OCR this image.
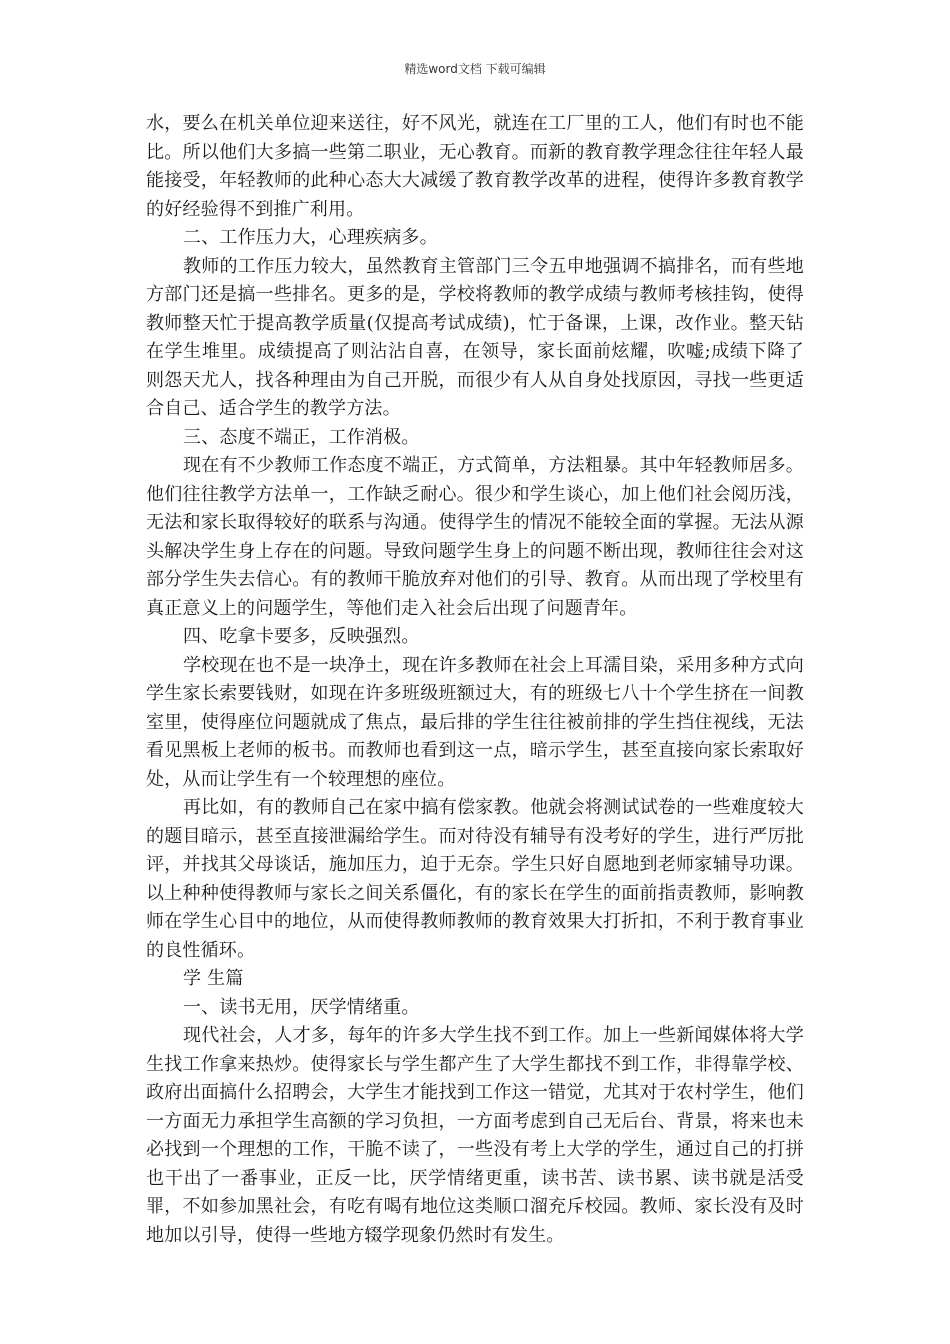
精选word文档 下载可编辑

水，要么在机关单位迎来送往，好不风光，就连在工厂里的工人，他们有时也不能比。所以他们大多搞一些第二职业，无心教育。而新的教育教学理念往往年轻人最能接受，年轻教师的此种心态大大减缓了教育教学改革的进程，使得许多教育教学的好经验得不到推广利用。

二、工作压力大，心理疾病多。

教师的工作压力较大，虽然教育主管部门三令五申地强调不搞排名，而有些地方部门还是搞一些排名。更多的是，学校将教师的教学成绩与教师考核挂钩，使得教师整天忙于提高教学质量(仅提高考试成绩)，忙于备课，上课，改作业。整天钻在学生堆里。成绩提高了则沾沾自喜，在领导，家长面前炫耀，吹嘘;成绩下降了则怨天尤人，找各种理由为自己开脱，而很少有人从自身处找原因，寻找一些更适合自己、适合学生的教学方法。

三、态度不端正，工作消极。

现在有不少教师工作态度不端正，方式简单，方法粗暴。其中年轻教师居多。他们往往教学方法单一，工作缺乏耐心。很少和学生谈心，加上他们社会阅历浅，无法和家长取得较好的联系与沟通。使得学生的情况不能较全面的掌握。无法从源头解决学生身上存在的问题。导致问题学生身上的问题不断出现，教师往往会对这部分学生失去信心。有的教师干脆放弃对他们的引导、教育。从而出现了学校里有真正意义上的问题学生，等他们走入社会后出现了问题青年。

四、吃拿卡要多，反映强烈。

学校现在也不是一块净土，现在许多教师在社会上耳濡目染，采用多种方式向学生家长索要钱财，如现在许多班级班额过大，有的班级七八十个学生挤在一间教室里，使得座位问题就成了焦点，最后排的学生往往被前排的学生挡住视线，无法看见黑板上老师的板书。而教师也看到这一点，暗示学生，甚至直接向家长索取好处，从而让学生有一个较理想的座位。

再比如，有的教师自己在家中搞有偿家教。他就会将测试试卷的一些难度较大的题目暗示，甚至直接泄漏给学生。而对待没有辅导有没考好的学生，进行严厉批评，并找其父母谈话，施加压力，迫于无奈。学生只好自愿地到老师家辅导功课。以上种种使得教师与家长之间关系僵化，有的家长在学生的面前指责教师，影响教师在学生心目中的地位，从而使得教师教师的教育效果大打折扣，不利于教育事业的良性循环。

学 生篇

一、读书无用，厌学情绪重。

现代社会，人才多，每年的许多大学生找不到工作。加上一些新闻媒体将大学生找工作拿来热炒。使得家长与学生都产生了大学生都找不到工作，非得靠学校、政府出面搞什么招聘会，大学生才能找到工作这一错觉，尤其对于农村学生，他们一方面无力承担学生高额的学习负担，一方面考虑到自己无后台、背景，将来也未必找到一个理想的工作，干脆不读了，一些没有考上大学的学生，通过自己的打拼也干出了一番事业，正反一比，厌学情绪更重，读书苦、读书累、读书就是活受罪，不如参加黑社会，有吃有喝有地位这类顺口溜充斥校园。教师、家长没有及时地加以引导，使得一些地方辍学现象仍然时有发生。
